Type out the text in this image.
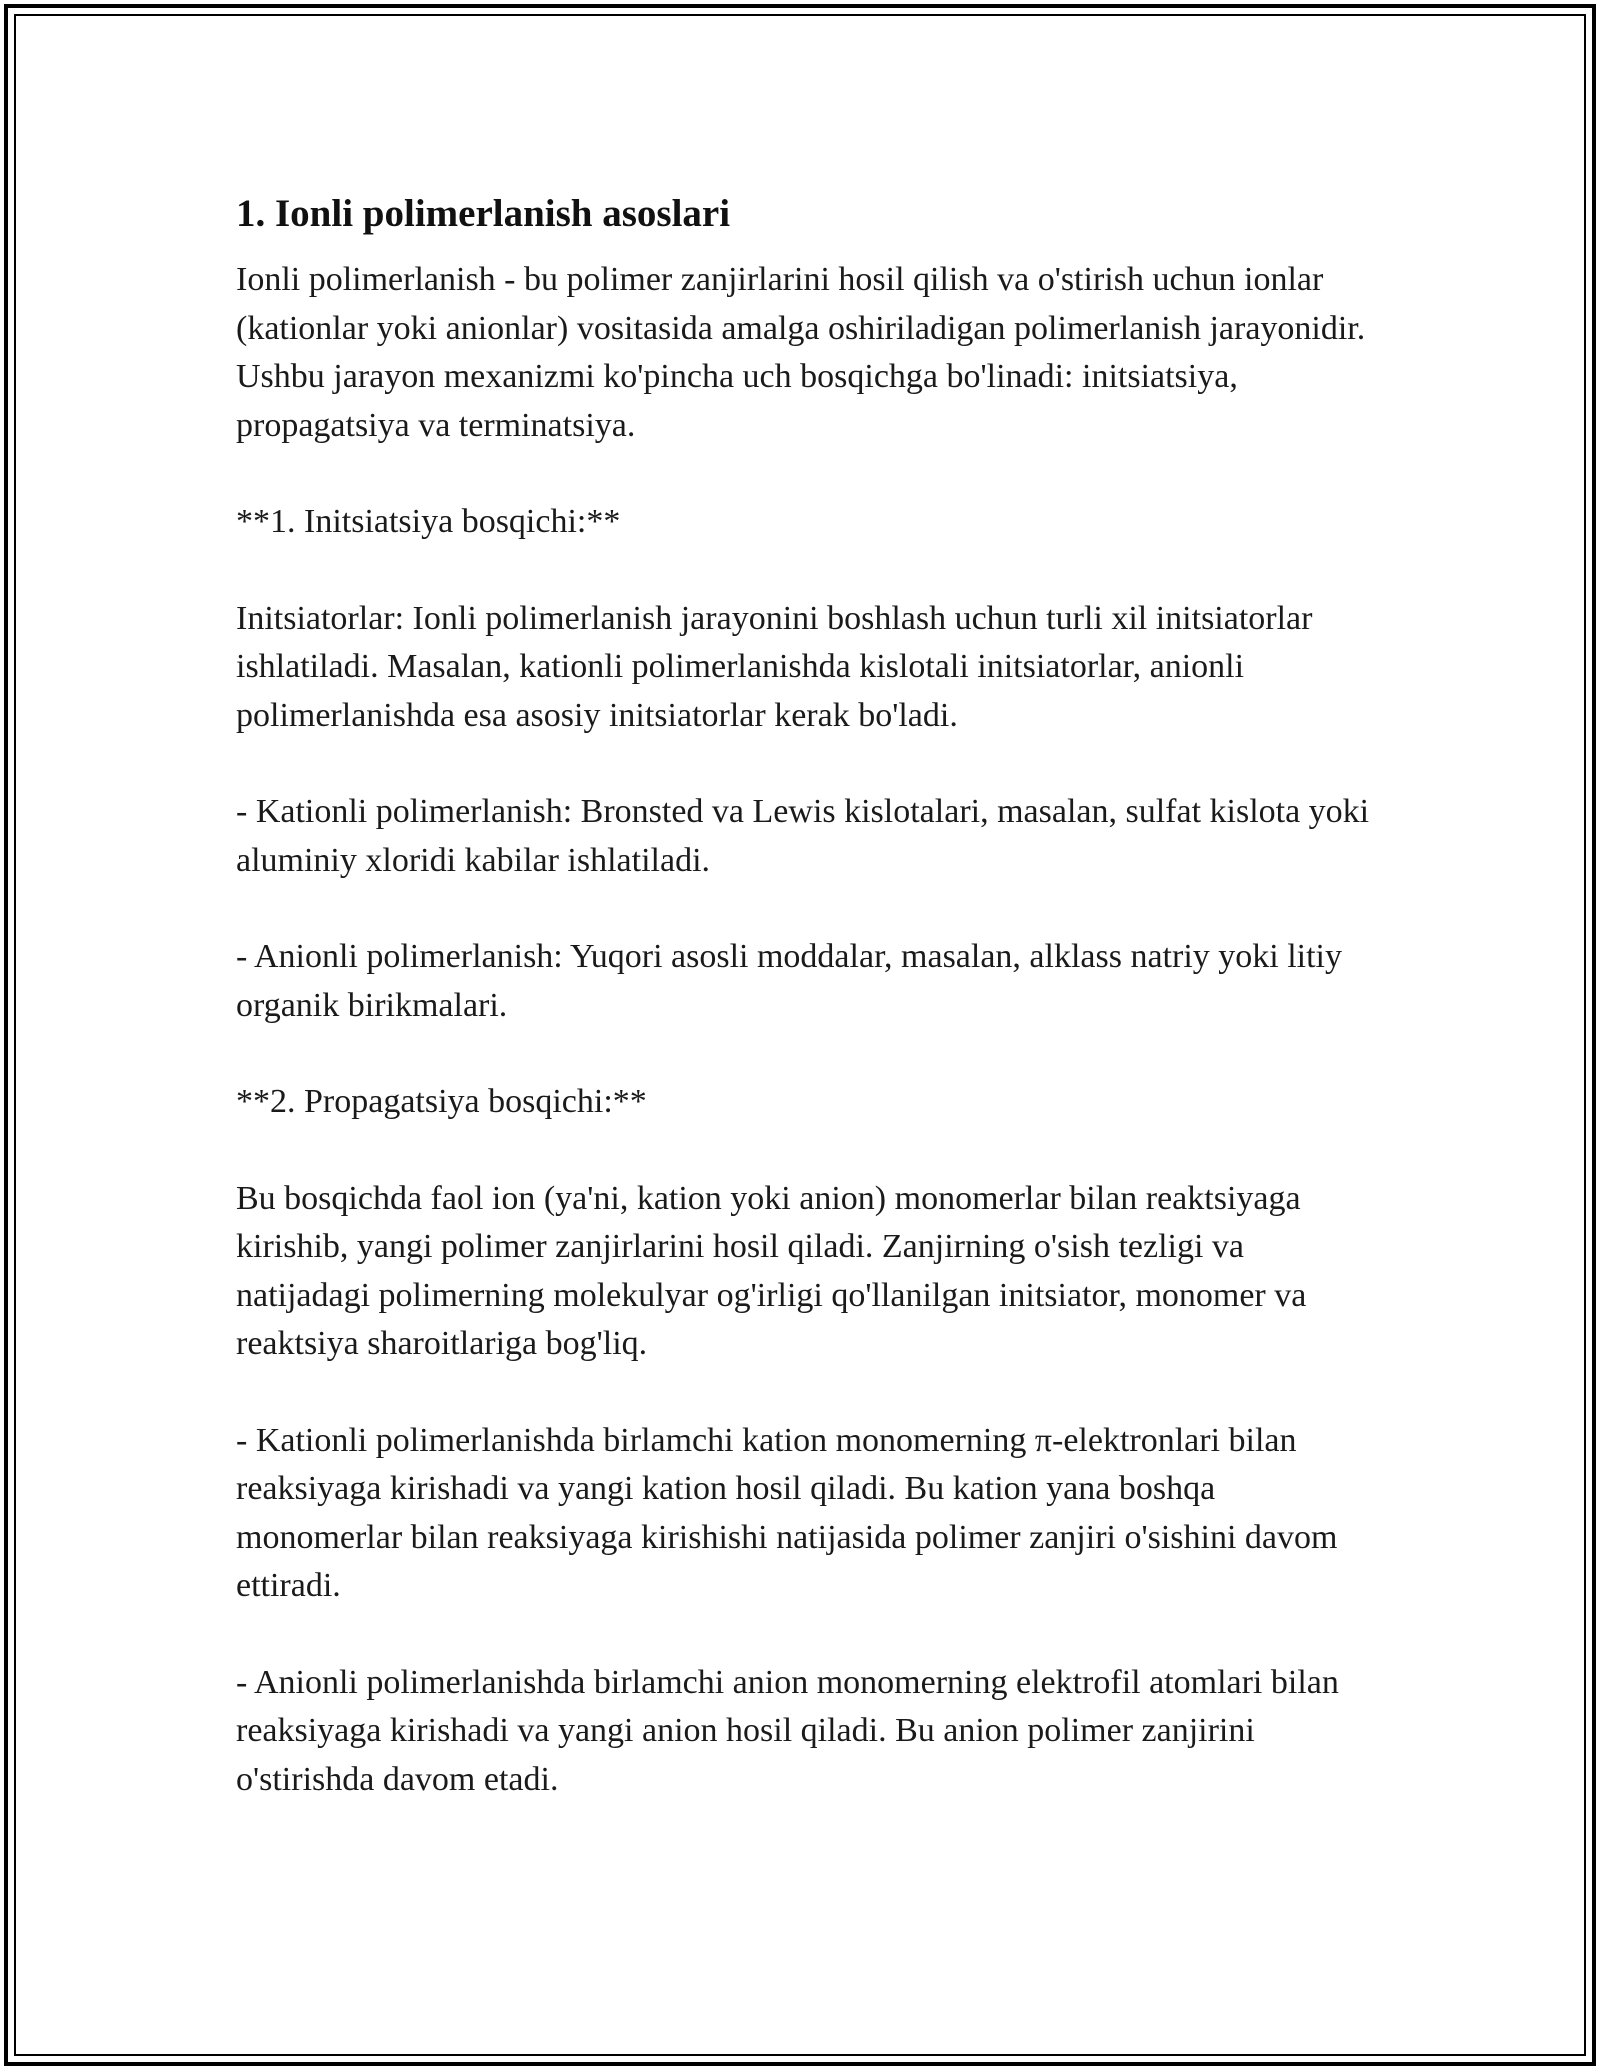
1. Ionli polimerlanish asoslari

Ionli polimerlanish - bu polimer zanjirlarini hosil qilish va o'stirish uchun ionlar (kationlar yoki anionlar) vositasida amalga oshiriladigan polimerlanish jarayonidir. Ushbu jarayon mexanizmi ko'pincha uch bosqichga bo'linadi: initsiatsiya, propagatsiya va terminatsiya.

**1. Initsiatsiya bosqichi:**

Initsiatorlar: Ionli polimerlanish jarayonini boshlash uchun turli xil initsiatorlar ishlatiladi. Masalan, kationli polimerlanishda kislotali initsiatorlar, anionli polimerlanishda esa asosiy initsiatorlar kerak bo'ladi.

- Kationli polimerlanish: Bronsted va Lewis kislotalari, masalan, sulfat kislota yoki aluminiy xloridi kabilar ishlatiladi.

- Anionli polimerlanish: Yuqori asosli moddalar, masalan, alklass natriy yoki litiy organik birikmalari.

**2. Propagatsiya bosqichi:**

Bu bosqichda faol ion (ya'ni, kation yoki anion) monomerlar bilan reaktsiyaga kirishib, yangi polimer zanjirlarini hosil qiladi. Zanjirning o'sish tezligi va natijadagi polimerning molekulyar og'irligi qo'llanilgan initsiator, monomer va reaktsiya sharoitlariga bog'liq.

- Kationli polimerlanishda birlamchi kation monomerning π-elektronlari bilan reaksiyaga kirishadi va yangi kation hosil qiladi. Bu kation yana boshqa monomerlar bilan reaksiyaga kirishishi natijasida polimer zanjiri o'sishini davom ettiradi.

- Anionli polimerlanishda birlamchi anion monomerning elektrofil atomlari bilan reaksiyaga kirishadi va yangi anion hosil qiladi. Bu anion polimer zanjirini o'stirishda davom etadi.
